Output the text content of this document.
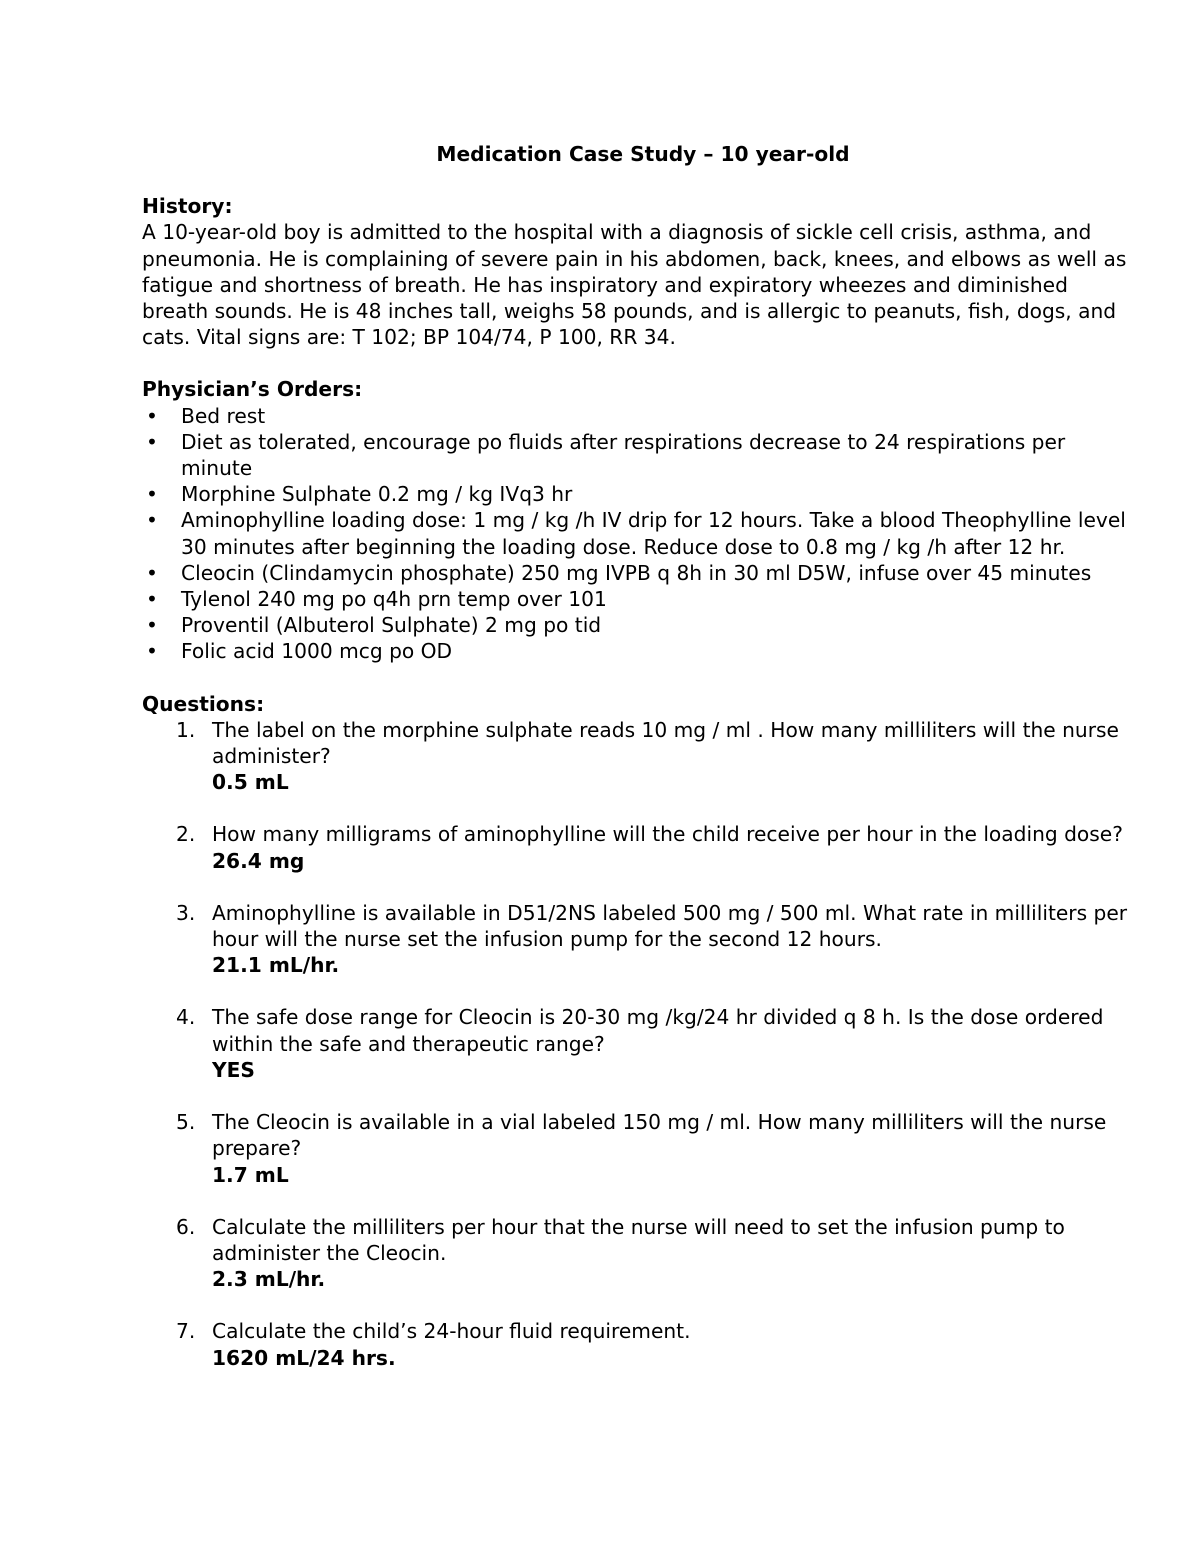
Medication Case Study – 10 year-old
History:

A 10-year-old boy is admitted to the hospital with a diagnosis of sickle cell crisis, asthma, and pneumonia. He is complaining of severe pain in his abdomen, back, knees, and elbows as well as fatigue and shortness of breath. He has inspiratory and expiratory wheezes and diminished breath sounds. He is 48 inches tall, weighs 58 pounds, and is allergic to peanuts, fish, dogs, and cats. Vital signs are: T 102; BP 104/74, P 100, RR 34.

Physician’s Orders:
• Bed rest
• Diet as tolerated, encourage po fluids after respirations decrease to 24 respirations per minute
• Morphine Sulphate 0.2 mg / kg IVq3 hr
• Aminophylline loading dose: 1 mg / kg /h IV drip for 12 hours. Take a blood Theophylline level 30 minutes after beginning the loading dose. Reduce dose to 0.8 mg / kg /h after 12 hr.
• Cleocin (Clindamycin phosphate) 250 mg IVPB q 8h in 30 ml D5W, infuse over 45 minutes
• Tylenol 240 mg po q4h prn temp over 101
• Proventil (Albuterol Sulphate) 2 mg po tid
• Folic acid 1000 mcg po OD
Questions:
1. The label on the morphine sulphate reads 10 mg / ml . How many milliliters will the nurse administer?
0.5 mL
2. How many milligrams of aminophylline will the child receive per hour in the loading dose?
26.4 mg
3. Aminophylline is available in D51/2NS labeled 500 mg / 500 ml. What rate in milliliters per hour will the nurse set the infusion pump for the second 12 hours.
21.1 mL/hr.
4. The safe dose range for Cleocin is 20-30 mg /kg/24 hr divided q 8 h. Is the dose ordered within the safe and therapeutic range?
YES
5. The Cleocin is available in a vial labeled 150 mg / ml. How many milliliters will the nurse prepare?
1.7 mL
6. Calculate the milliliters per hour that the nurse will need to set the infusion pump to administer the Cleocin.
2.3 mL/hr.
7. Calculate the child’s 24-hour fluid requirement.
1620 mL/24 hrs.
